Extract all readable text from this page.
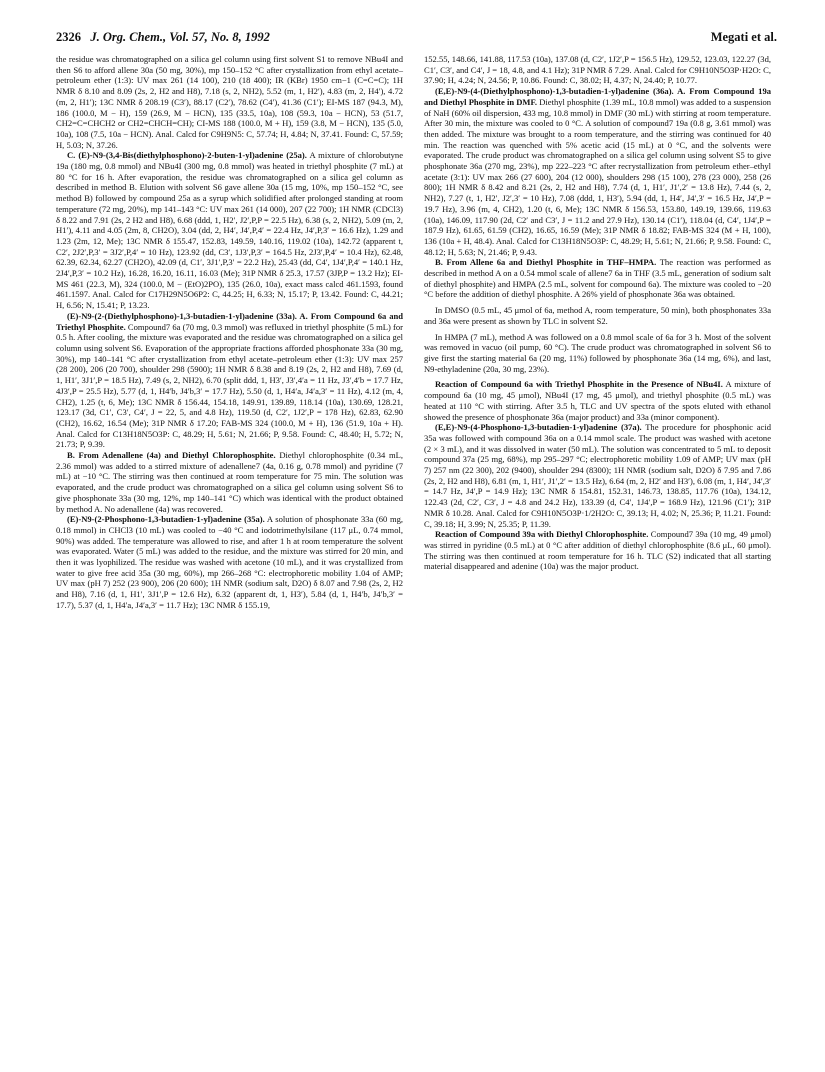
2326 J. Org. Chem., Vol. 57, No. 8, 1992	Megati et al.

the residue was chromatographed on a silica gel column using first solvent S1 to remove NBu4I and then S6 to afford allene 30a (50 mg, 30%), mp 150–152 °C after crystallization from ethyl acetate–petroleum ether (1:3): UV max 261 (14 100), 210 (18 400); IR (KBr) 1950 cm−1 (C=C=C); 1H NMR δ 8.10 and 8.09 (2s, 2, H2 and H8), 7.18 (s, 2, NH2), 5.52 (m, 1, H2′), 4.83 (m, 2, H4′), 4.72 (m, 2, H1′); 13C NMR δ 208.19 (C3′), 88.17 (C2′), 78.62 (C4′), 41.36 (C1′); EI-MS 187 (94.3, M), 186 (100.0, M − H), 159 (26.9, M − HCN), 135 (33.5, 10a), 108 (59.3, 10a − HCN), 53 (51.7, CH2=C=CHCH2 or CH2=CHCH=CH); CI-MS 188 (100.0, M + H), 159 (3.8, M − HCN), 135 (5.0, 10a), 108 (7.5, 10a − HCN). Anal. Calcd for C9H9N5: C, 57.74; H, 4.84; N, 37.41. Found: C, 57.59; H, 5.03; N, 37.26.

C. (E)-N9-(3,4-Bis(diethylphosphono)-2-buten-1-yl)adenine (25a). A mixture of chlorobutyne 19a (180 mg, 0.8 mmol) and NBu4I (300 mg, 0.8 mmol) was heated in triethyl phosphite (7 mL) at 80 °C for 16 h. After evaporation, the residue was chromatographed on a silica gel column as described in method B. Elution with solvent S6 gave allene 30a (15 mg, 10%, mp 150–152 °C, see method B) followed by compound 25a as a syrup which solidified after prolonged standing at room temperature (72 mg, 20%), mp 141–143 °C: UV max 261 (14 000), 207 (22 700); 1H NMR (CDCl3) δ 8.22 and 7.91 (2s, 2 H2 and H8), 6.68 (ddd, 1, H2′, J2′,P,P = 22.5 Hz), 6.38 (s, 2, NH2), 5.09 (m, 2, H1′), 4.11 and 4.05 (2m, 8, CH2O), 3.04 (dd, 2, H4′, J4′,P,4′ = 22.4 Hz, J4′,P,3′ = 16.6 Hz), 1.29 and 1.23 (2m, 12, Me); 13C NMR δ 155.47, 152.83, 149.59, 140.16, 119.02 (10a), 142.72 (apparent t, C2′, 2J2′,P,3′ = 3J2′,P,4′ = 10 Hz), 123.92 (dd, C3′, 1J3′,P,3′ = 164.5 Hz, 2J3′,P,4′ = 10.4 Hz), 62.48, 62.39, 62.34, 62.27 (CH2O), 42.09 (d, C1′, 3J1′,P,3′ = 22.2 Hz), 25.43 (dd, C4′, 1J4′,P,4′ = 140.1 Hz, 2J4′,P,3′ = 10.2 Hz), 16.28, 16.20, 16.11, 16.03 (Me); 31P NMR δ 25.3, 17.57 (3JP,P = 13.2 Hz); EI-MS 461 (22.3, M), 324 (100.0, M − (EtO)2PO), 135 (26.0, 10a), exact mass calcd 461.1593, found 461.1597. Anal. Calcd for C17H29N5O6P2: C, 44.25; H, 6.33; N, 15.17; P, 13.42. Found: C, 44.21; H, 6.56; N, 15.41; P, 13.23.

(E)-N9-(2-(Diethylphosphono)-1,3-butadien-1-yl)adenine (33a). A. From Compound 6a and Triethyl Phosphite. Compound7 6a (70 mg, 0.3 mmol) was refluxed in triethyl phosphite (5 mL) for 0.5 h. After cooling, the mixture was evaporated and the residue was chromatographed on a silica gel column using solvent S6. Evaporation of the appropriate fractions afforded phosphonate 33a (30 mg, 30%), mp 140–141 °C after crystallization from ethyl acetate–petroleum ether (1:3): UV max 257 (28 200), 206 (20 700), shoulder 298 (5900); 1H NMR δ 8.38 and 8.19 (2s, 2, H2 and H8), 7.69 (d, 1, H1′, 3J1′,P = 18.5 Hz), 7.49 (s, 2, NH2), 6.70 (split ddd, 1, H3′, J3′,4′a = 11 Hz, J3′,4′b = 17.7 Hz, 4J3′,P = 25.5 Hz), 5.77 (d, 1, H4′b, J4′b,3′ = 17.7 Hz), 5.50 (d, 1, H4′a, J4′a,3′ = 11 Hz), 4.12 (m, 4, CH2), 1.25 (t, 6, Me); 13C NMR δ 156.44, 154.18, 149.91, 139.89, 118.14 (10a), 130.69, 128.21, 123.17 (3d, C1′, C3′, C4′, J = 22, 5, and 4.8 Hz), 119.50 (d, C2′, 1J2′,P = 178 Hz), 62.83, 62.90 (CH2), 16.62, 16.54 (Me); 31P NMR δ 17.20; FAB-MS 324 (100.0, M + H), 136 (51.9, 10a + H). Anal. Calcd for C13H18N5O3P: C, 48.29; H, 5.61; N, 21.66; P, 9.58. Found: C, 48.40; H, 5.72; N, 21.73; P, 9.39.

B. From Adenallene (4a) and Diethyl Chlorophosphite. Diethyl chlorophosphite (0.34 mL, 2.36 mmol) was added to a stirred mixture of adenallene7 (4a, 0.16 g, 0.78 mmol) and pyridine (7 mL) at −10 °C. The stirring was then continued at room temperature for 75 min. The solution was evaporated, and the crude product was chromatographed on a silica gel column using solvent S6 to give phosphonate 33a (30 mg, 12%, mp 140–141 °C) which was identical with the product obtained by method A. No adenallene (4a) was recovered.

(E)-N9-(2-Phosphono-1,3-butadien-1-yl)adenine (35a). A solution of phosphonate 33a (60 mg, 0.18 mmol) in CHCl3 (10 mL) was cooled to −40 °C and iodotrimethylsilane (117 μL, 0.74 mmol, 90%) was added. The temperature was allowed to rise, and after 1 h at room temperature the solvent was evaporated. Water (5 mL) was added to the residue, and the mixture was stirred for 20 min, and then it was lyophilized. The residue was washed with acetone (10 mL), and it was crystallized from water to give free acid 35a (30 mg, 60%), mp 266–268 °C: electrophoretic mobility 1.04 of AMP; UV max (pH 7) 252 (23 900), 206 (20 600); 1H NMR (sodium salt, D2O) δ 8.07 and 7.98 (2s, 2, H2 and H8), 7.16 (d, 1, H1′, 3J1′,P = 12.6 Hz), 6.32 (apparent dt, 1, H3′), 5.84 (d, 1, H4′b, J4′b,3′ = 17.7), 5.37 (d, 1, H4′a, J4′a,3′ = 11.7 Hz); 13C NMR δ 155.19,

152.55, 148.66, 141.88, 117.53 (10a), 137.08 (d, C2′, 1J2′,P = 156.5 Hz), 129.52, 123.03, 122.27 (3d, C1′, C3′, and C4′, J = 18, 4.8, and 4.1 Hz); 31P NMR δ 7.29. Anal. Calcd for C9H10N5O3P·H2O: C, 37.90; H, 4.24; N, 24.56; P, 10.86. Found: C, 38.02; H, 4.37; N, 24.40; P, 10.77.

(E,E)-N9-(4-(Diethylphosphono)-1,3-butadien-1-yl)adenine (36a). A. From Compound 19a and Diethyl Phosphite in DMF. Diethyl phosphite (1.39 mL, 10.8 mmol) was added to a suspension of NaH (60% oil dispersion, 433 mg, 10.8 mmol) in DMF (30 mL) with stirring at room temperature. After 30 min, the mixture was cooled to 0 °C. A solution of compound7 19a (0.8 g, 3.61 mmol) was then added. The mixture was brought to a room temperature, and the stirring was continued for 40 min. The reaction was quenched with 5% acetic acid (15 mL) at 0 °C, and the solvents were evaporated. The crude product was chromatographed on a silica gel column using solvent S5 to give phosphonate 36a (270 mg, 23%), mp 222–223 °C after recrystallization from petroleum ether–ethyl acetate (3:1): UV max 266 (27 600), 204 (12 000), shoulders 298 (15 100), 278 (23 000), 258 (26 800); 1H NMR δ 8.42 and 8.21 (2s, 2, H2 and H8), 7.74 (d, 1, H1′, J1′,2′ = 13.8 Hz), 7.44 (s, 2, NH2), 7.27 (t, 1, H2′, J2′,3′ = 10 Hz), 7.08 (ddd, 1, H3′), 5.94 (dd, 1, H4′, J4′,3′ = 16.5 Hz, J4′,P = 19.7 Hz), 3.96 (m, 4, CH2), 1.20 (t, 6, Me); 13C NMR δ 156.53, 153.80, 149.19, 139.66, 119.63 (10a), 146.09, 117.90 (2d, C2′ and C3′, J = 11.2 and 27.9 Hz), 130.14 (C1′), 118.04 (d, C4′, 1J4′,P = 187.9 Hz), 61.65, 61.59 (CH2), 16.65, 16.59 (Me); 31P NMR δ 18.82; FAB-MS 324 (M + H, 100), 136 (10a + H, 48.4). Anal. Calcd for C13H18N5O3P: C, 48.29; H, 5.61; N, 21.66; P, 9.58. Found: C, 48.12; H, 5.63; N, 21.46; P, 9.43.

B. From Allene 6a and Diethyl Phosphite in THF–HMPA. The reaction was performed as described in method A on a 0.54 mmol scale of allene7 6a in THF (3.5 mL, generation of sodium salt of diethyl phosphite) and HMPA (2.5 mL, solvent for compound 6a). The mixture was cooled to −20 °C before the addition of diethyl phosphite. A 26% yield of phosphonate 36a was obtained.

In DMSO (0.5 mL, 45 μmol of 6a, method A, room temperature, 50 min), both phosphonates 33a and 36a were present as shown by TLC in solvent S2.

In HMPA (7 mL), method A was followed on a 0.8 mmol scale of 6a for 3 h. Most of the solvent was removed in vacuo (oil pump, 60 °C). The crude product was chromatographed in solvent S6 to give first the starting material 6a (20 mg, 11%) followed by phosphonate 36a (14 mg, 6%), and last, N9-ethyladenine (20a, 30 mg, 23%).

Reaction of Compound 6a with Triethyl Phosphite in the Presence of NBu4I. A mixture of compound 6a (10 mg, 45 μmol), NBu4I (17 mg, 45 μmol), and triethyl phosphite (0.5 mL) was heated at 110 °C with stirring. After 3.5 h, TLC and UV spectra of the spots eluted with ethanol showed the presence of phosphonate 36a (major product) and 33a (minor component).

(E,E)-N9-(4-Phosphono-1,3-butadien-1-yl)adenine (37a). The procedure for phosphonic acid 35a was followed with compound 36a on a 0.14 mmol scale. The product was washed with acetone (2 × 3 mL), and it was dissolved in water (50 mL). The solution was concentrated to 5 mL to deposit compound 37a (25 mg, 68%), mp 295–297 °C; electrophoretic mobility 1.09 of AMP; UV max (pH 7) 257 nm (22 300), 202 (9400), shoulder 294 (8300); 1H NMR (sodium salt, D2O) δ 7.95 and 7.86 (2s, 2, H2 and H8), 6.81 (m, 1, H1′, J1′,2′ = 13.5 Hz), 6.64 (m, 2, H2′ and H3′), 6.08 (m, 1, H4′, J4′,3′ = 14.7 Hz, J4′,P = 14.9 Hz); 13C NMR δ 154.81, 152.31, 146.73, 138.85, 117.76 (10a), 134.12, 122.43 (2d, C2′, C3′, J = 4.8 and 24.2 Hz), 133.39 (d, C4′, 1J4′,P = 168.9 Hz), 121.96 (C1′); 31P NMR δ 10.28. Anal. Calcd for C9H10N5O3P·1/2H2O: C, 39.13; H, 4.02; N, 25.36; P, 11.21. Found: C, 39.18; H, 3.99; N, 25.35; P, 11.39.

Reaction of Compound 39a with Diethyl Chlorophosphite. Compound7 39a (10 mg, 49 μmol) was stirred in pyridine (0.5 mL) at 0 °C after addition of diethyl chlorophosphite (8.6 μL, 60 μmol). The stirring was then continued at room temperature for 16 h. TLC (S2) indicated that all starting material disappeared and adenine (10a) was the major product.
